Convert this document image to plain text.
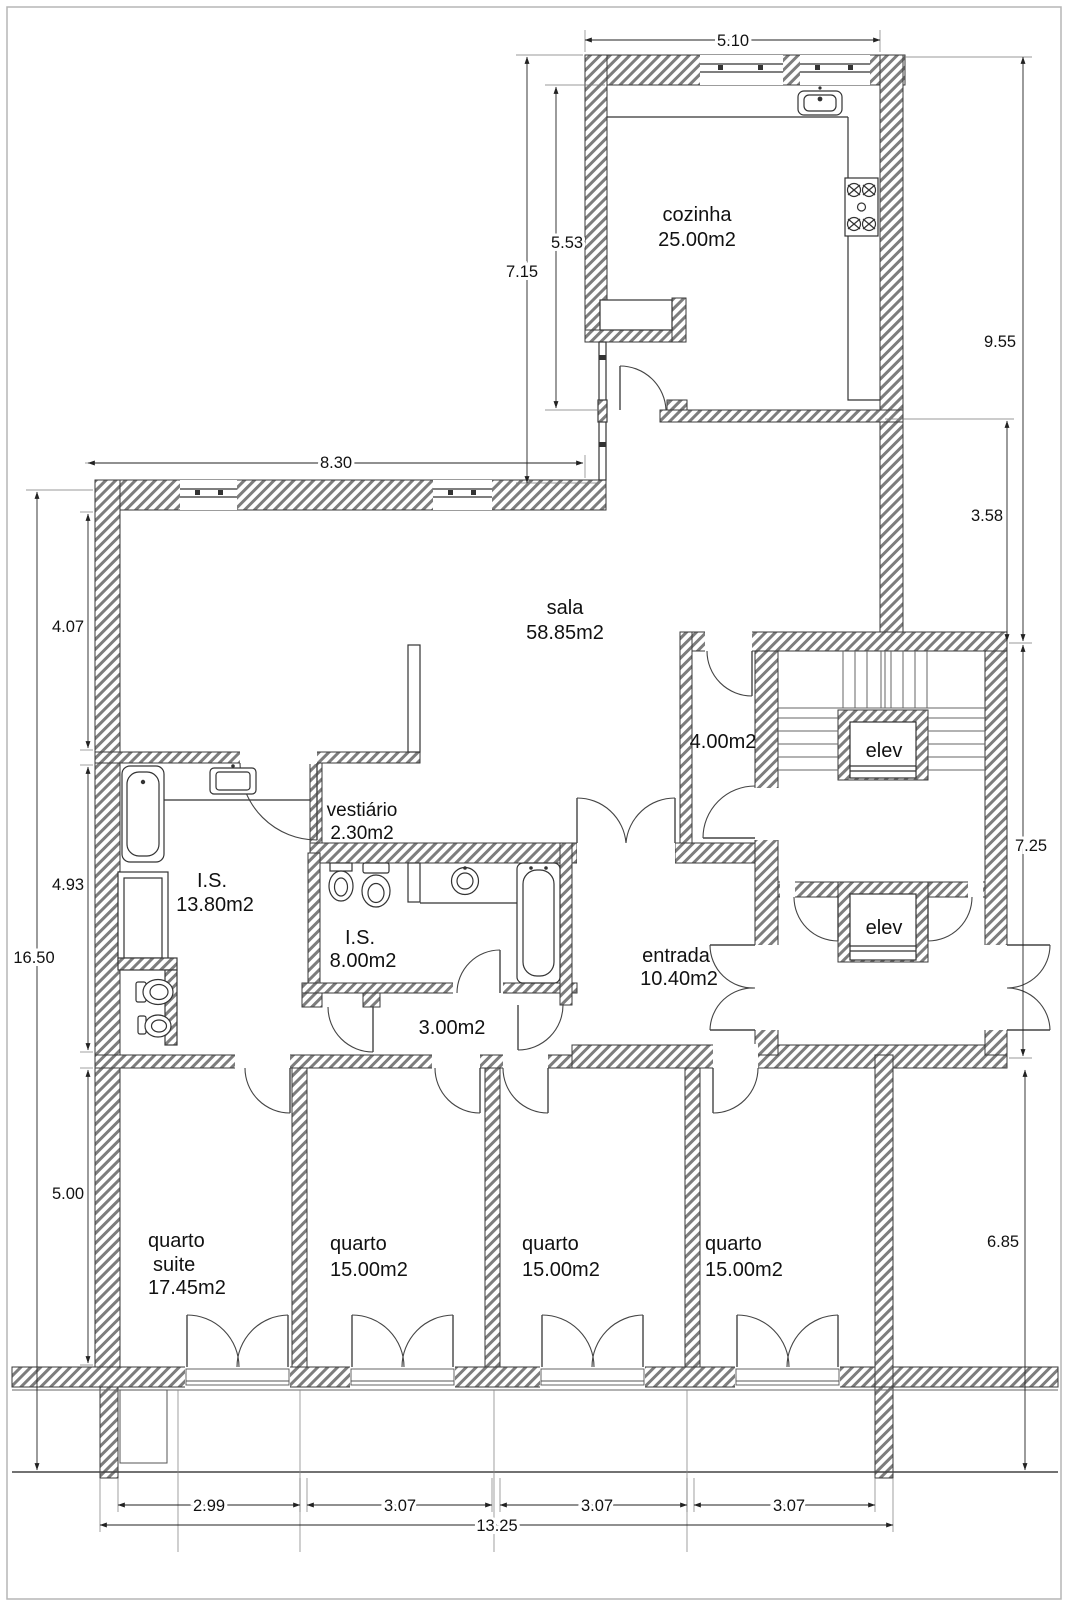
5.10
7.15
5.53
9.55
3.58
8.30
4.07
4.93
16.50
5.00
7.25
6.85
2.99	3.07	3.07	3.07
13.25
cozinha
25.00m2
sala
58.85m2
4.00m2	elev
elev
vestiário
2.30m2
I.S.
13.80m2
I.S.
8.00m2
3.00m2
entrada
10.40m2
quarto
suite
17.45m2
quarto
15.00m2
quarto
15.00m2
quarto
15.00m2
